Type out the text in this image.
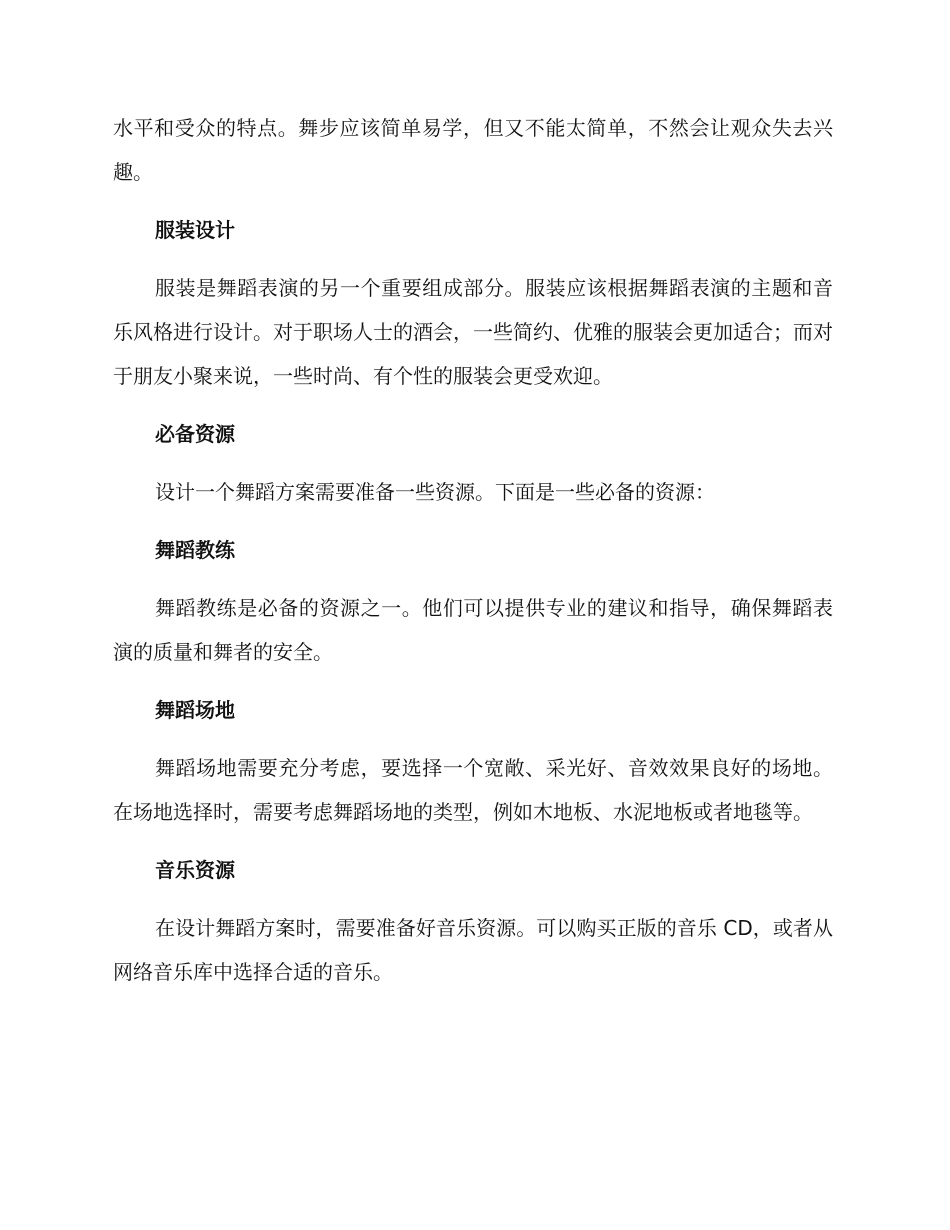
水平和受众的特点。舞步应该简单易学，但又不能太简单，不然会让观众失去兴趣。

服装设计

服装是舞蹈表演的另一个重要组成部分。服装应该根据舞蹈表演的主题和音乐风格进行设计。对于职场人士的酒会，一些简约、优雅的服装会更加适合；而对于朋友小聚来说，一些时尚、有个性的服装会更受欢迎。

必备资源

设计一个舞蹈方案需要准备一些资源。下面是一些必备的资源：

舞蹈教练

舞蹈教练是必备的资源之一。他们可以提供专业的建议和指导，确保舞蹈表演的质量和舞者的安全。

舞蹈场地

舞蹈场地需要充分考虑，要选择一个宽敞、采光好、音效效果良好的场地。在场地选择时，需要考虑舞蹈场地的类型，例如木地板、水泥地板或者地毯等。

音乐资源

在设计舞蹈方案时，需要准备好音乐资源。可以购买正版的音乐 CD，或者从网络音乐库中选择合适的音乐。
